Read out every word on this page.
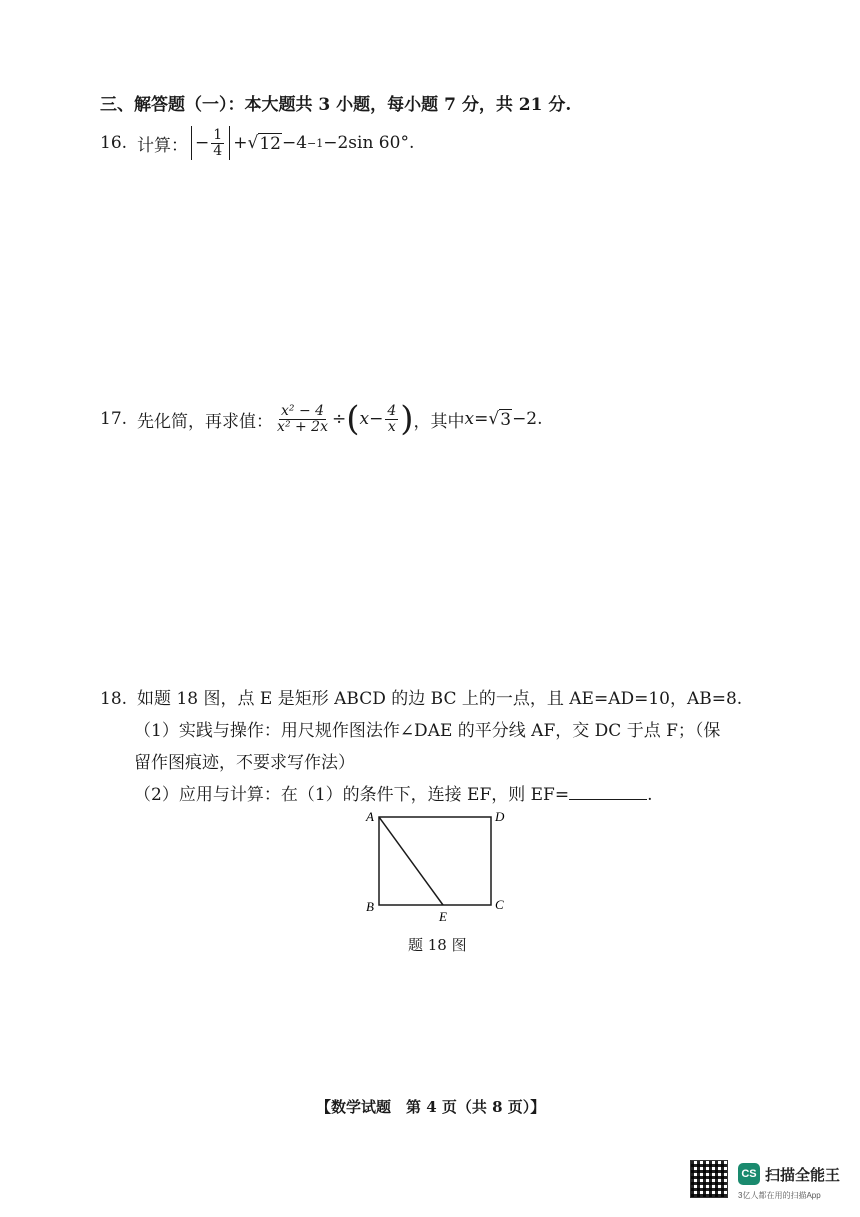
三、解答题（一）：本大题共 3 小题，每小题 7 分，共 21 分.
16. 计算： − $\frac{1}{4}$ + √ 12 −4 −1 −2sin 60°.
17. 先化简，再求值： $\frac{\text{x² − 4}}{\text{x² + 2x}}$ ÷ ( $x - \frac{4}{x}$ ) ，其中 x = √ 3 −2.
18. 如题 18 图，点 E 是矩形 ABCD 的边 BC 上的一点，且 AE=AD=10，AB=8.
（1）实践与操作：用尺规作图法作∠DAE 的平分线 AF，交 DC 于点 F；（保
留作图痕迹，不要求写作法）
（2）应用与计算：在（1）的条件下，连接 EF，则 EF=	.
A	D
B	C
E
题 18 图
【数学试题　第 4 页（共 8 页）】
CS 扫描全能王
3亿人都在用的扫描App
